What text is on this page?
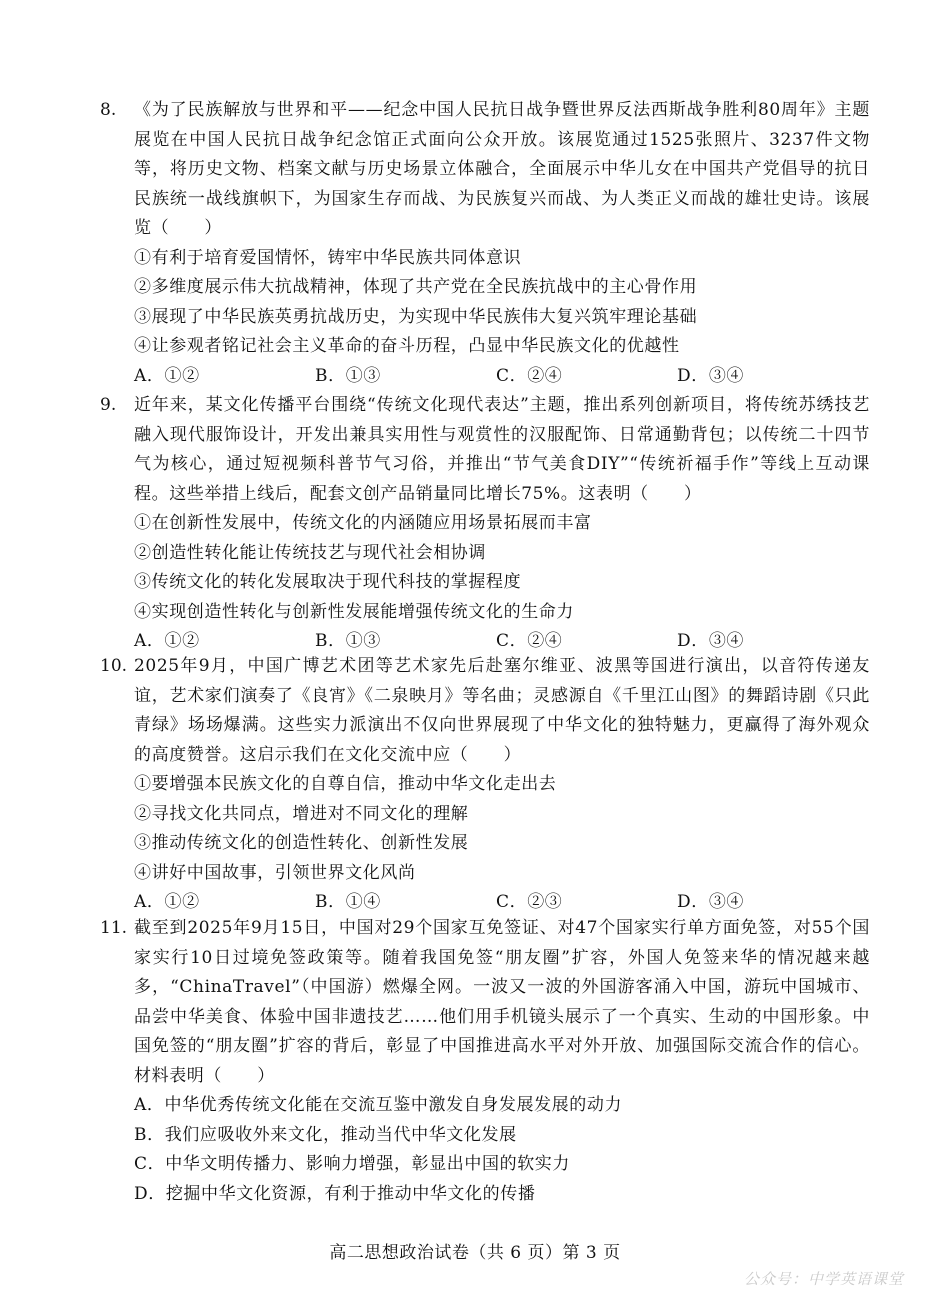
8. 《为了民族解放与世界和平——纪念中国人民抗日战争暨世界反法西斯战争胜利80周年》主题展览在中国人民抗日战争纪念馆正式面向公众开放。该展览通过1525张照片、3237件文物等，将历史文物、档案文献与历史场景立体融合，全面展示中华儿女在中国共产党倡导的抗日民族统一战线旗帜下，为国家生存而战、为民族复兴而战、为人类正义而战的雄壮史诗。该展览（　　）
①有利于培育爱国情怀，铸牢中华民族共同体意识
②多维度展示伟大抗战精神，体现了共产党在全民族抗战中的主心骨作用
③展现了中华民族英勇抗战历史，为实现中华民族伟大复兴筑牢理论基础
④让参观者铭记社会主义革命的奋斗历程，凸显中华民族文化的优越性
A．①②	B．①③	C．②④	D．③④
9. 近年来，某文化传播平台围绕“传统文化现代表达”主题，推出系列创新项目，将传统苏绣技艺融入现代服饰设计，开发出兼具实用性与观赏性的汉服配饰、日常通勤背包；以传统二十四节气为核心，通过短视频科普节气习俗，并推出“节气美食DIY”“传统祈福手作”等线上互动课程。这些举措上线后，配套文创产品销量同比增长75%。这表明（　　）
①在创新性发展中，传统文化的内涵随应用场景拓展而丰富
②创造性转化能让传统技艺与现代社会相协调
③传统文化的转化发展取决于现代科技的掌握程度
④实现创造性转化与创新性发展能增强传统文化的生命力
A．①②	B．①③	C．②④	D．③④
10. 2025年9月，中国广博艺术团等艺术家先后赴塞尔维亚、波黑等国进行演出，以音符传递友谊，艺术家们演奏了《良宵》《二泉映月》等名曲；灵感源自《千里江山图》的舞蹈诗剧《只此青绿》场场爆满。这些实力派演出不仅向世界展现了中华文化的独特魅力，更赢得了海外观众的高度赞誉。这启示我们在文化交流中应（　　）
①要增强本民族文化的自尊自信，推动中华文化走出去
②寻找文化共同点，增进对不同文化的理解
③推动传统文化的创造性转化、创新性发展
④讲好中国故事，引领世界文化风尚
A．①②	B．①④	C．②③	D．③④
11. 截至到2025年9月15日，中国对29个国家互免签证、对47个国家实行单方面免签，对55个国家实行10日过境免签政策等。随着我国免签“朋友圈”扩容，外国人免签来华的情况越来越多，“ChinaTravel”（中国游）燃爆全网。一波又一波的外国游客涌入中国，游玩中国城市、品尝中华美食、体验中国非遗技艺……他们用手机镜头展示了一个真实、生动的中国形象。中国免签的“朋友圈”扩容的背后，彰显了中国推进高水平对外开放、加强国际交流合作的信心。材料表明（　　）
A．中华优秀传统文化能在交流互鉴中激发自身发展发展的动力
B．我们应吸收外来文化，推动当代中华文化发展
C．中华文明传播力、影响力增强，彰显出中国的软实力
D．挖掘中华文化资源，有利于推动中华文化的传播
高二思想政治试卷（共 6 页）第 3 页
公众号：中学英语课堂
